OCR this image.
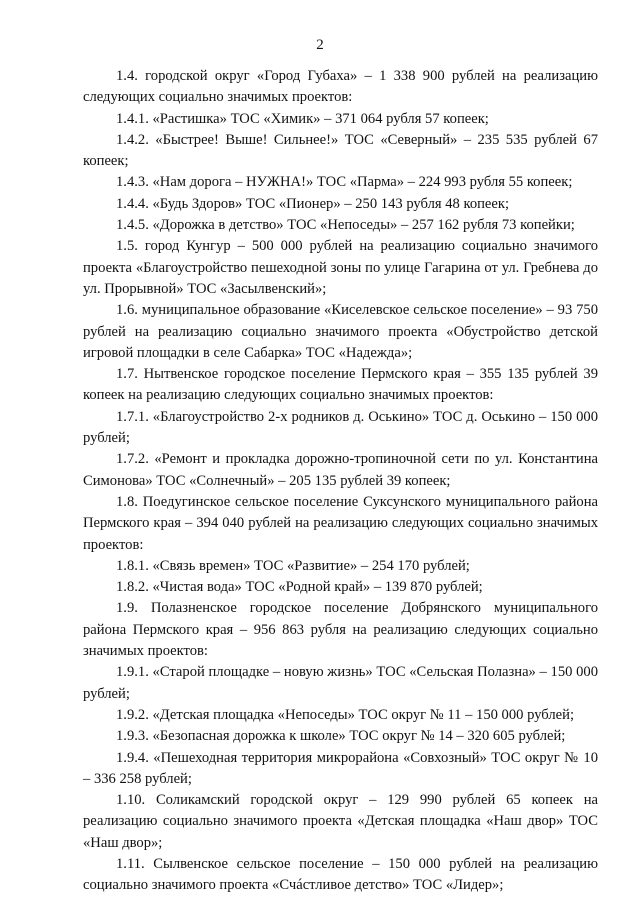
2

1.4. городской округ «Город Губаха» – 1 338 900 рублей на реализацию следующих социально значимых проектов:

1.4.1. «Растишка» ТОС «Химик» – 371 064 рубля 57 копеек;

1.4.2. «Быстрее! Выше! Сильнее!» ТОС «Северный» – 235 535 рублей 67 копеек;

1.4.3. «Нам дорога – НУЖНА!» ТОС «Парма» – 224 993 рубля 55 копеек;

1.4.4. «Будь Здоров» ТОС «Пионер» – 250 143 рубля 48 копеек;

1.4.5. «Дорожка в детство» ТОС «Непоседы» – 257 162 рубля 73 копейки;

1.5. город Кунгур – 500 000 рублей на реализацию социально значимого проекта «Благоустройство пешеходной зоны по улице Гагарина от ул. Гребнева до ул. Прорывной» ТОС «Засылвенский»;

1.6. муниципальное образование «Киселевское сельское поселение» – 93 750 рублей на реализацию социально значимого проекта «Обустройство детской игровой площадки в селе Сабарка» ТОС «Надежда»;

1.7. Нытвенское городское поселение Пермского края – 355 135 рублей 39 копеек на реализацию следующих социально значимых проектов:

1.7.1. «Благоустройство 2-х родников д. Оськино» ТОС д. Оськино – 150 000 рублей;

1.7.2. «Ремонт и прокладка дорожно-тропиночной сети по ул. Константина Симонова» ТОС «Солнечный» – 205 135 рублей 39 копеек;

1.8. Поедугинское сельское поселение Суксунского муниципального района Пермского края – 394 040 рублей на реализацию следующих социально значимых проектов:

1.8.1. «Связь времен» ТОС «Развитие» – 254 170 рублей;

1.8.2. «Чистая вода» ТОС «Родной край» – 139 870 рублей;

1.9. Полазненское городское поселение Добрянского муниципального района Пермского края – 956 863 рубля на реализацию следующих социально значимых проектов:

1.9.1. «Старой площадке – новую жизнь» ТОС «Сельская Полазна» – 150 000 рублей;

1.9.2. «Детская площадка «Непоседы» ТОС округ № 11 – 150 000 рублей;

1.9.3. «Безопасная дорожка к школе» ТОС округ № 14 – 320 605 рублей;

1.9.4. «Пешеходная территория микрорайона «Совхозный» ТОС округ № 10 – 336 258 рублей;

1.10. Соликамский городской округ – 129 990 рублей 65 копеек на реализацию социально значимого проекта «Детская площадка «Наш двор» ТОС «Наш двор»;

1.11. Сылвенское сельское поселение – 150 000 рублей на реализацию социально значимого проекта «Счáстливое детство» ТОС «Лидер»;
